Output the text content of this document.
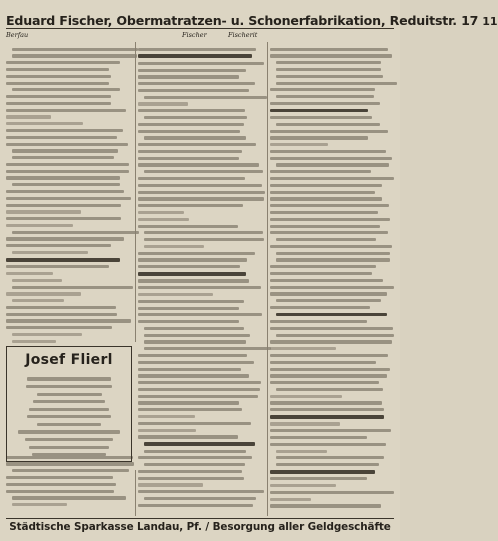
Eduard Fischer, Obermatratzen- u. Schonerfabrikation, Reduitstr. 17 11
Berfau	Fischer	Fischerit
Josef Flierl
Städtische Sparkasse Landau, Pf. / Besorgung aller Geldgeschäfte
